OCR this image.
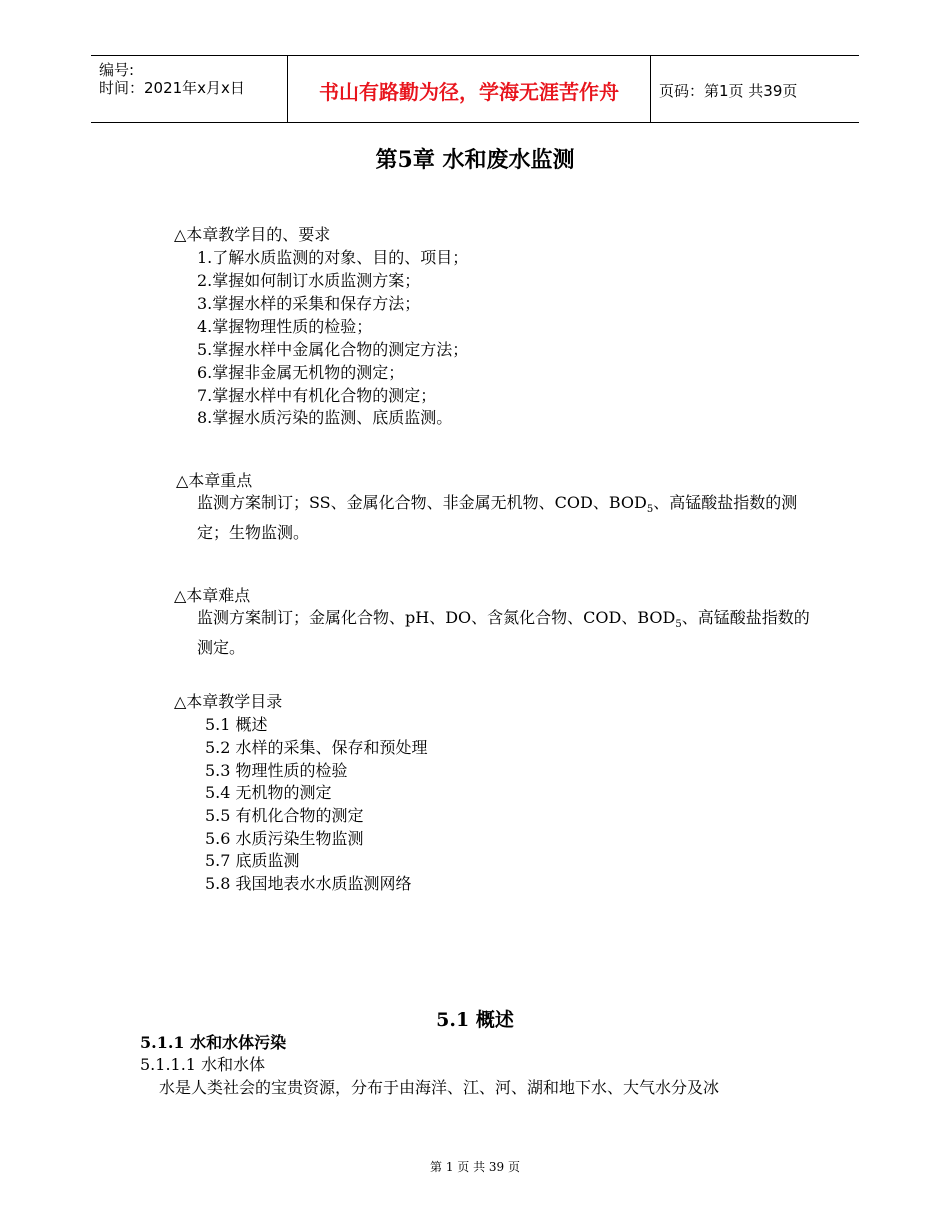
编号:
时间：2021年x月x日	书山有路勤为径，学海无涯苦作舟	页码：第1页 共39页
第5章 水和废水监测
△本章教学目的、要求
1.了解水质监测的对象、目的、项目；
2.掌握如何制订水质监测方案；
3.掌握水样的采集和保存方法；
4.掌握物理性质的检验；
5.掌握水样中金属化合物的测定方法；
6.掌握非金属无机物的测定；
7.掌握水样中有机化合物的测定；
8.掌握水质污染的监测、底质监测。
△本章重点
监测方案制订；SS、金属化合物、非金属无机物、COD、$BOD_5$、高锰酸盐指数的测定；生物监测。
△本章难点
监测方案制订；金属化合物、pH、DO、含氮化合物、COD、$BOD_5$、高锰酸盐指数的测定。
△本章教学目录
5.1 概述
5.2 水样的采集、保存和预处理
5.3 物理性质的检验
5.4 无机物的测定
5.5 有机化合物的测定
5.6 水质污染生物监测
5.7 底质监测
5.8 我国地表水水质监测网络
5.1 概述
5.1.1 水和水体污染
5.1.1.1 水和水体
水是人类社会的宝贵资源，分布于由海洋、江、河、湖和地下水、大气水分及冰
第 1 页 共 39 页
